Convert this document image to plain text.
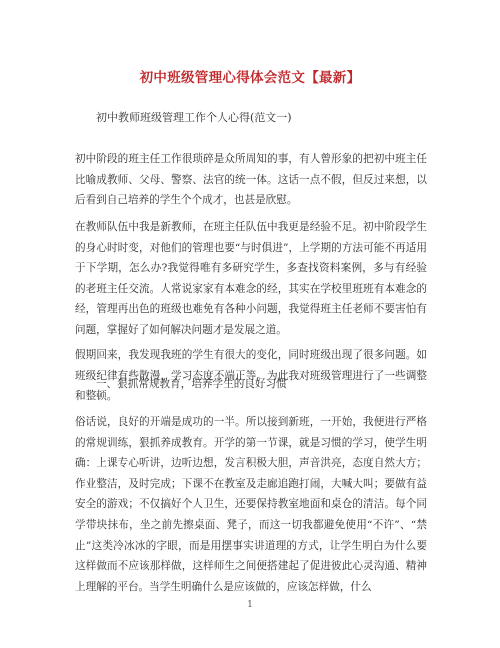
初中班级管理心得体会范文【最新】
初中教师班级管理工作个人心得(范文一)
初中阶段的班主任工作很琐碎是众所周知的事，有人曾形象的把初中班主任比喻成教师、父母、警察、法官的统一体。这话一点不假，但反过来想，以后看到自己培养的学生个个成才，也甚是欣慰。
在教师队伍中我是新教师，在班主任队伍中我更是经验不足。初中阶段学生的身心时时变，对他们的管理也要“与时俱进”，上学期的方法可能不再适用于下学期，怎么办?我觉得唯有多研究学生，多查找资料案例，多与有经验的老班主任交流。人常说家家有本难念的经，其实在学校里班班有本难念的经，管理再出色的班级也难免有各种小问题，我觉得班主任老师不要害怕有问题，掌握好了如何解决问题才是发展之道。
假期回来，我发现我班的学生有很大的变化，同时班级出现了很多问题。如班级纪律有些散漫，学习态度不端正等。为此我对班级管理进行了一些调整和整顿。
一、狠抓常规教育，培养学生的良好习惯
俗话说，良好的开端是成功的一半。所以接到新班，一开始，我便进行严格的常规训练，狠抓养成教育。开学的第一节课，就是习惯的学习，使学生明确：上课专心听讲，边听边想，发言积极大胆，声音洪亮，态度自然大方；作业整洁，及时完成；下课不在教室及走廊追跑打闹，大喊大叫；要做有益安全的游戏；不仅搞好个人卫生，还要保持教室地面和桌仓的清洁。每个同学带块抹布，坐之前先擦桌面、凳子，而这一切我都避免使用“不许”、“禁止”这类冷冰冰的字眼，而是用摆事实讲道理的方式，让学生明白为什么要这样做而不应该那样做，这样师生之间便搭建起了促进彼此心灵沟通、精神上理解的平台。当学生明确什么是应该做的，应该怎样做，什么
1
